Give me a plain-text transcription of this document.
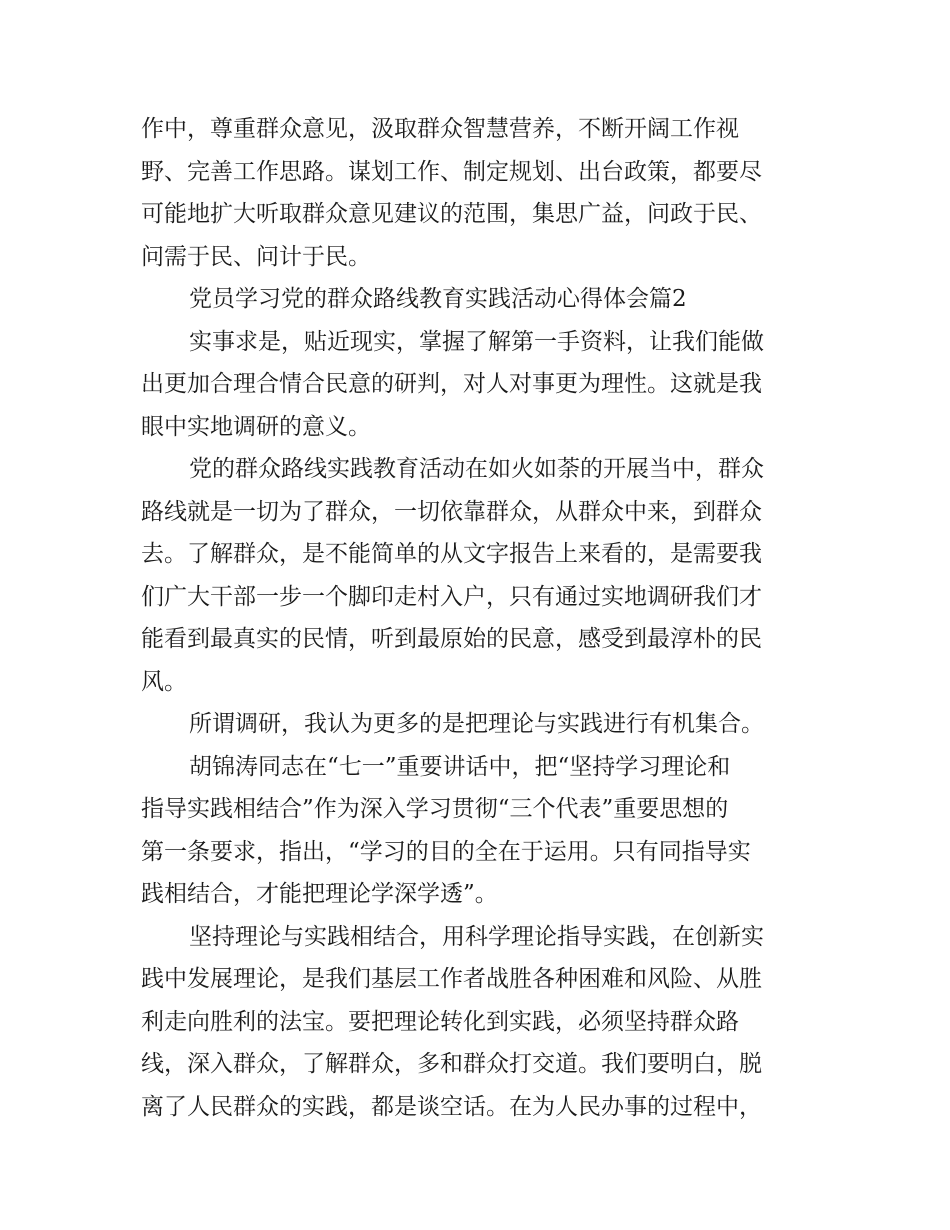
作中，尊重群众意见，汲取群众智慧营养，不断开阔工作视
野、完善工作思路。谋划工作、制定规划、出台政策，都要尽
可能地扩大听取群众意见建议的范围，集思广益，问政于民、
问需于民、问计于民。

党员学习党的群众路线教育实践活动心得体会篇2

实事求是，贴近现实，掌握了解第一手资料，让我们能做
出更加合理合情合民意的研判，对人对事更为理性。这就是我
眼中实地调研的意义。

党的群众路线实践教育活动在如火如荼的开展当中，群众
路线就是一切为了群众，一切依靠群众，从群众中来，到群众
去。了解群众，是不能简单的从文字报告上来看的，是需要我
们广大干部一步一个脚印走村入户，只有通过实地调研我们才
能看到最真实的民情，听到最原始的民意，感受到最淳朴的民
风。

所谓调研，我认为更多的是把理论与实践进行有机集合。

胡锦涛同志在“七一”重要讲话中，把“坚持学习理论和
指导实践相结合”作为深入学习贯彻“三个代表”重要思想的
第一条要求，指出，“学习的目的全在于运用。只有同指导实
践相结合，才能把理论学深学透”。

坚持理论与实践相结合，用科学理论指导实践，在创新实
践中发展理论，是我们基层工作者战胜各种困难和风险、从胜
利走向胜利的法宝。要把理论转化到实践，必须坚持群众路
线，深入群众，了解群众，多和群众打交道。我们要明白，脱
离了人民群众的实践，都是谈空话。在为人民办事的过程中，
